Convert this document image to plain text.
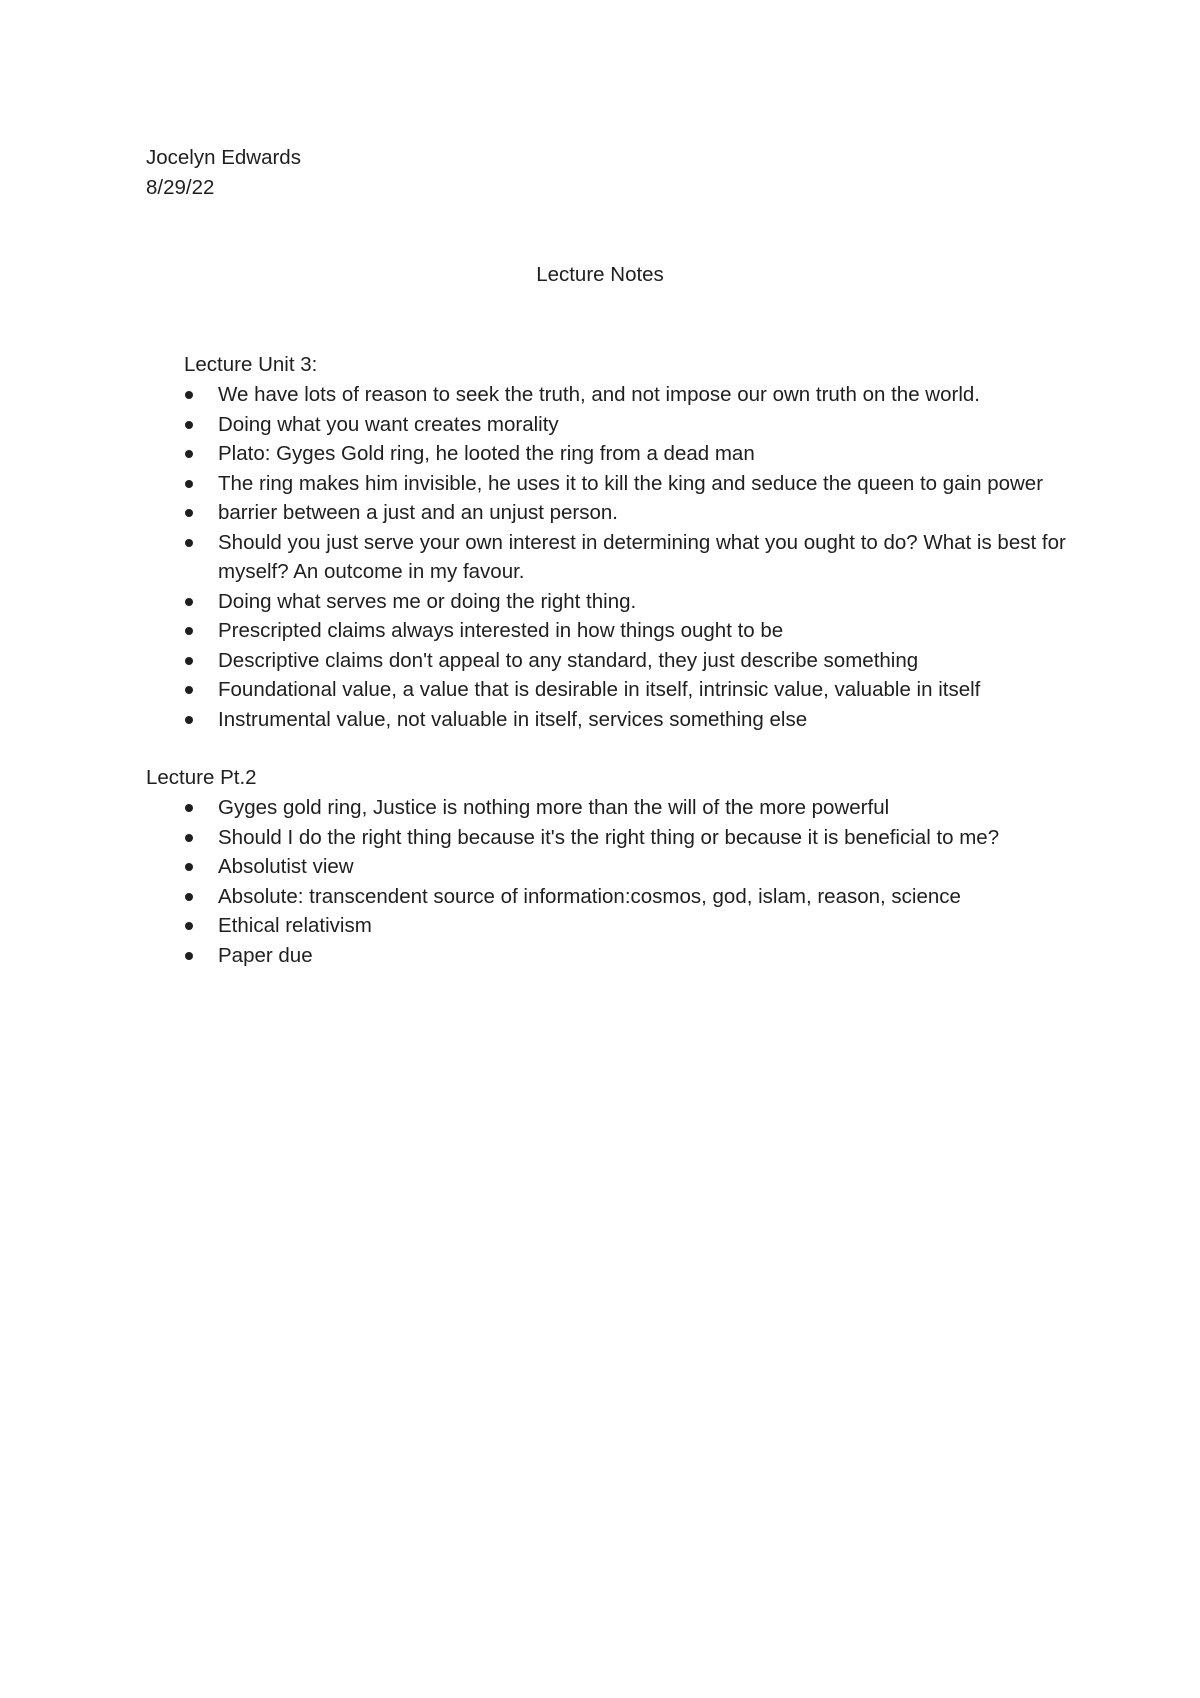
Jocelyn Edwards
8/29/22
Lecture Notes
Lecture Unit 3:
We have lots of reason to seek the truth, and not impose our own truth on the world.
Doing what you want creates morality
Plato: Gyges Gold ring, he looted the ring from a dead man
The ring makes him invisible, he uses it to kill the king and seduce the queen to gain power
barrier between a just and an unjust person.
Should you just serve your own interest in determining what you ought to do? What is best for myself? An outcome in my favour.
Doing what serves me or doing the right thing.
Prescripted claims always interested in how things ought to be
Descriptive claims don't appeal to any standard, they just describe something
Foundational value, a value that is desirable in itself, intrinsic value, valuable in itself
Instrumental value, not valuable in itself, services something else
Lecture Pt.2
Gyges gold ring, Justice is nothing more than the will of the more powerful
Should I do the right thing because it's the right thing or because it is beneficial to me?
Absolutist view
Absolute: transcendent source of information:cosmos, god, islam, reason, science
Ethical relativism
Paper due
